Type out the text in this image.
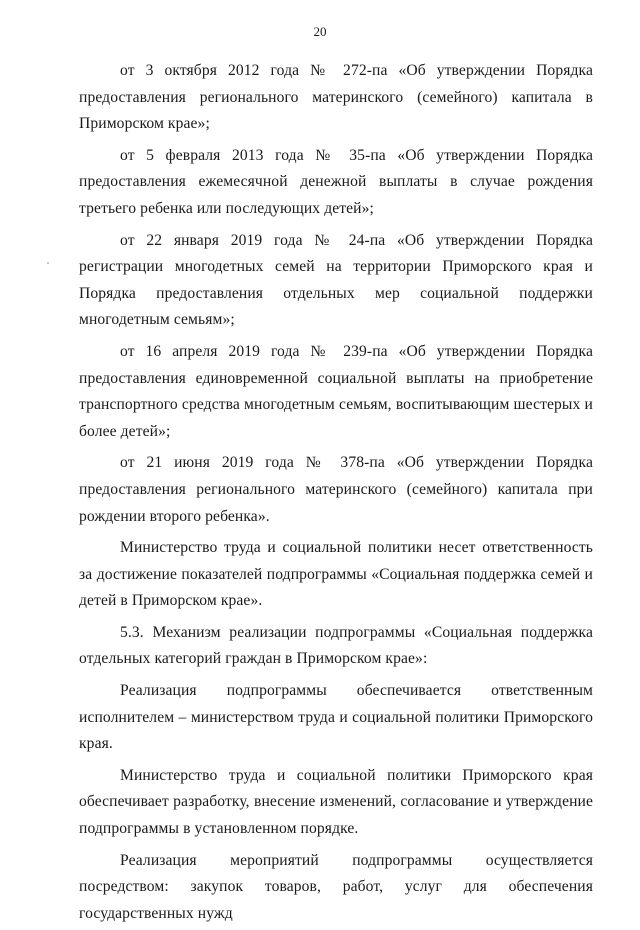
20

от 3 октября 2012 года № 272-па «Об утверждении Порядка предоставления регионального материнского (семейного) капитала в Приморском крае»;

от 5 февраля 2013 года № 35-па «Об утверждении Порядка предоставления ежемесячной денежной выплаты в случае рождения третьего ребенка или последующих детей»;

от 22 января 2019 года № 24-па «Об утверждении Порядка регистрации многодетных семей на территории Приморского края и Порядка предоставления отдельных мер социальной поддержки многодетным семьям»;

от 16 апреля 2019 года № 239-па «Об утверждении Порядка предоставления единовременной социальной выплаты на приобретение транспортного средства многодетным семьям, воспитывающим шестерых и более детей»;

от 21 июня 2019 года № 378-па «Об утверждении Порядка предоставления регионального материнского (семейного) капитала при рождении второго ребенка».

Министерство труда и социальной политики несет ответственность за достижение показателей подпрограммы «Социальная поддержка семей и детей в Приморском крае».

5.3. Механизм реализации подпрограммы «Социальная поддержка отдельных категорий граждан в Приморском крае»:

Реализация подпрограммы обеспечивается ответственным исполнителем – министерством труда и социальной политики Приморского края.

Министерство труда и социальной политики Приморского края обеспечивает разработку, внесение изменений, согласование и утверждение подпрограммы в установленном порядке.

Реализация мероприятий подпрограммы осуществляется посредством: закупок товаров, работ, услуг для обеспечения государственных нужд
